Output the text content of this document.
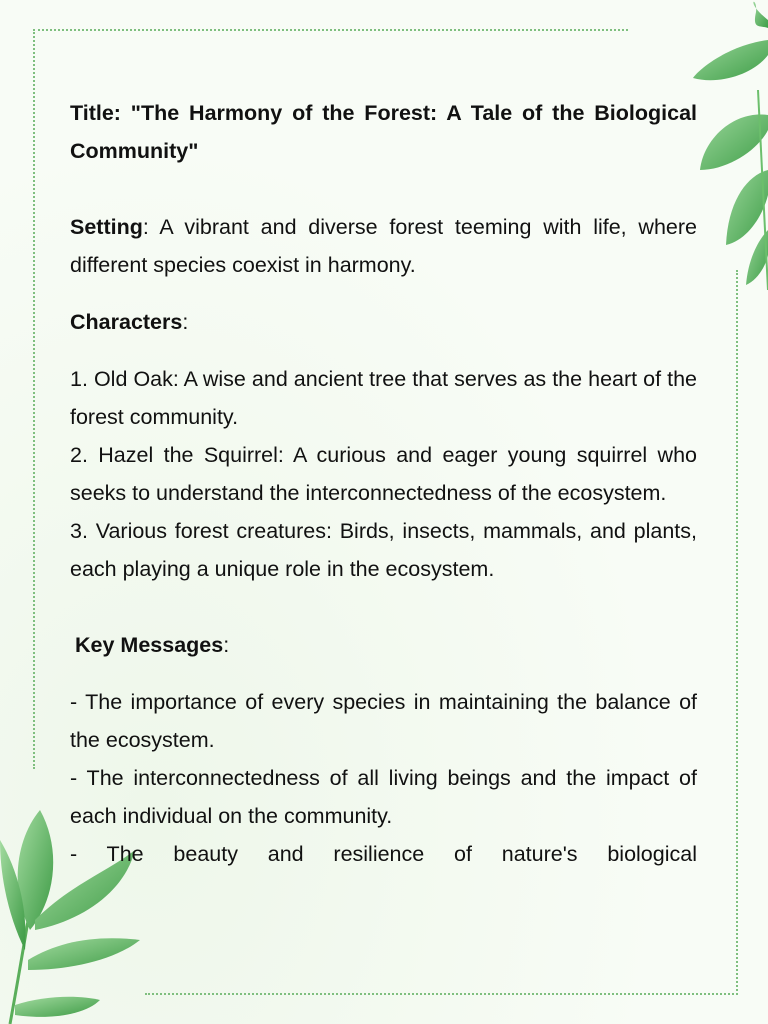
Title: "The Harmony of the Forest: A Tale of the Biological Community"

Setting: A vibrant and diverse forest teeming with life, where different species coexist in harmony.

Characters:

1. Old Oak: A wise and ancient tree that serves as the heart of the forest community.

2. Hazel the Squirrel: A curious and eager young squirrel who seeks to understand the interconnectedness of the ecosystem.

3. Various forest creatures: Birds, insects, mammals, and plants, each playing a unique role in the ecosystem.

Key Messages:

- The importance of every species in maintaining the balance of the ecosystem.

- The interconnectedness of all living beings and the impact of each individual on the community.

- The beauty and resilience of nature's biological
